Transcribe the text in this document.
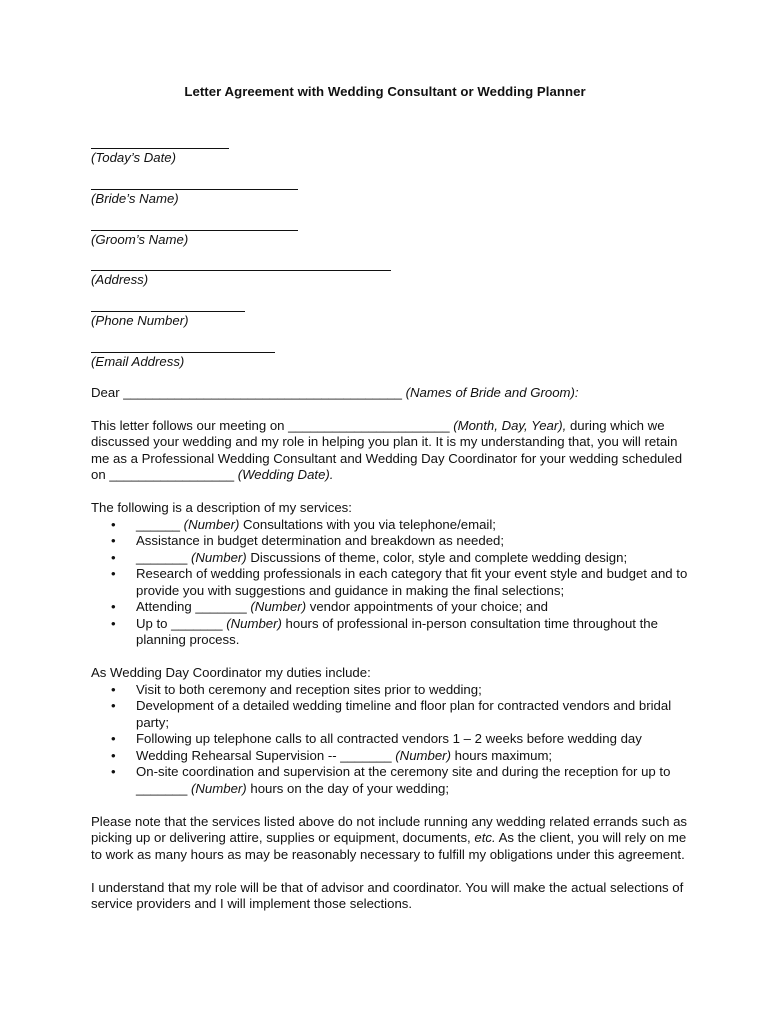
Letter Agreement with Wedding Consultant or Wedding Planner
(Today’s Date)
(Bride’s Name)
(Groom’s Name)
(Address)
(Phone Number)
(Email Address)
Dear ______________________________________ (Names of Bride and Groom):
This letter follows our meeting on ______________________ (Month, Day, Year), during which we discussed your wedding and my role in helping you plan it. It is my understanding that, you will retain me as a Professional Wedding Consultant and Wedding Day Coordinator for your wedding scheduled on _________________ (Wedding Date).
The following is a description of my services:
• ______ (Number) Consultations with you via telephone/email;
• Assistance in budget determination and breakdown as needed;
• _______ (Number) Discussions of theme, color, style and complete wedding design;
• Research of wedding professionals in each category that fit your event style and budget and to provide you with suggestions and guidance in making the final selections;
• Attending _______ (Number) vendor appointments of your choice; and
• Up to _______ (Number) hours of professional in-person consultation time throughout the planning process.
As Wedding Day Coordinator my duties include:
• Visit to both ceremony and reception sites prior to wedding;
• Development of a detailed wedding timeline and floor plan for contracted vendors and bridal party;
• Following up telephone calls to all contracted vendors 1 – 2 weeks before wedding day
• Wedding Rehearsal Supervision -- _______ (Number) hours maximum;
• On-site coordination and supervision at the ceremony site and during the reception for up to _______ (Number) hours on the day of your wedding;
Please note that the services listed above do not include running any wedding related errands such as picking up or delivering attire, supplies or equipment, documents, etc. As the client, you will rely on me to work as many hours as may be reasonably necessary to fulfill my obligations under this agreement.
I understand that my role will be that of advisor and coordinator. You will make the actual selections of service providers and I will implement those selections.
